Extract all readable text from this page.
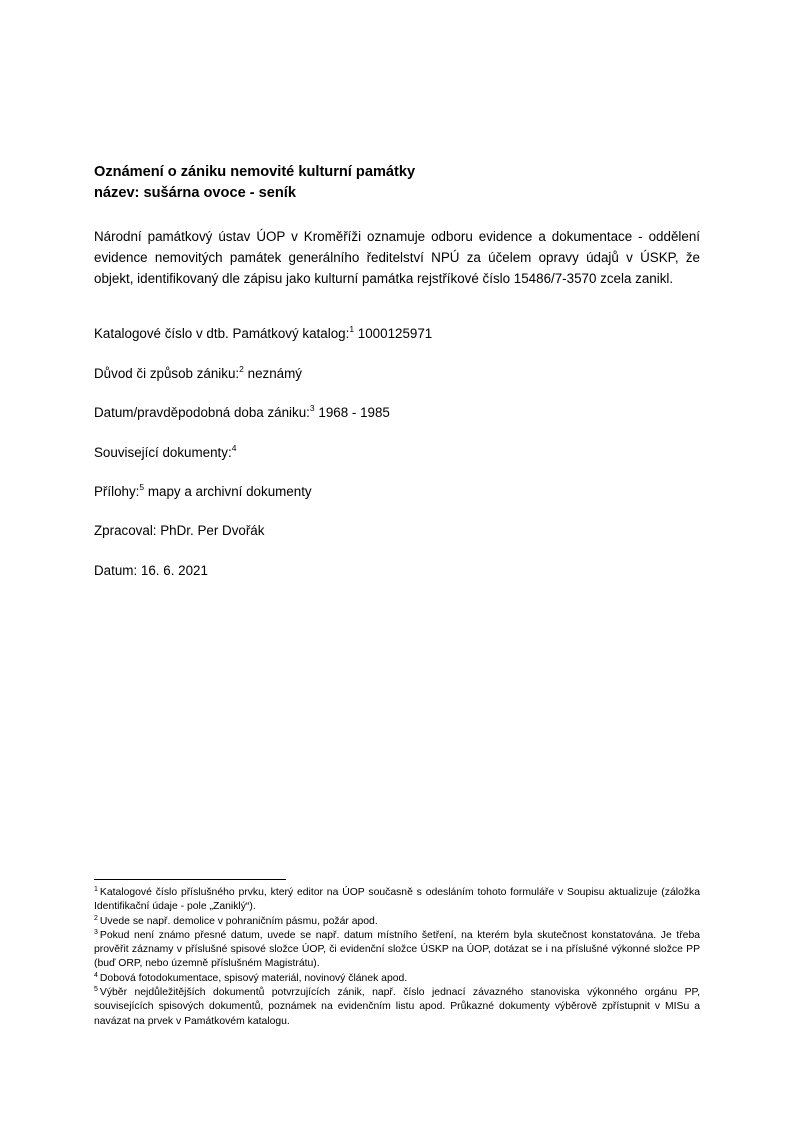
Oznámení o zániku nemovité kulturní památky
název: sušárna ovoce - seník
Národní památkový ústav ÚOP v Kroměříži oznamuje odboru evidence a dokumentace - oddělení evidence nemovitých památek generálního ředitelství NPÚ za účelem opravy údajů v ÚSKP, že objekt, identifikovaný dle zápisu jako kulturní památka rejstříkové číslo 15486/7-3570 zcela zanikl.
Katalogové číslo v dtb. Památkový katalog:$^1$ 1000125971
Důvod či způsob zániku:$^2$ neznámý
Datum/pravděpodobná doba zániku:$^3$ 1968 - 1985
Související dokumenty:$^4$
Přílohy:$^5$ mapy a archivní dokumenty
Zpracoval: PhDr. Per Dvořák
Datum: 16. 6. 2021
$^1$ Katalogové číslo příslušného prvku, který editor na ÚOP současně s odesláním tohoto formuláře v Soupisu aktualizuje (záložka Identifikační údaje - pole „Zaniklý“).
$^2$ Uvede se např. demolice v pohraničním pásmu, požár apod.
$^3$ Pokud není známo přesné datum, uvede se např. datum místního šetření, na kterém byla skutečnost konstatována. Je třeba prověřit záznamy v příslušné spisové složce ÚOP, či evidenční složce ÚSKP na ÚOP, dotázat se i na příslušné výkonné složce PP (buď ORP, nebo územně příslušném Magistrátu).
$^4$ Dobová fotodokumentace, spisový materiál, novinový článek apod.
$^5$ Výběr nejdůležitějších dokumentů potvrzujících zánik, např. číslo jednací závazného stanoviska výkonného orgánu PP, souvisejících spisových dokumentů, poznámek na evidenčním listu apod. Průkazné dokumenty výběrově zpřístupnit v MISu a navázat na prvek v Památkovém katalogu.
